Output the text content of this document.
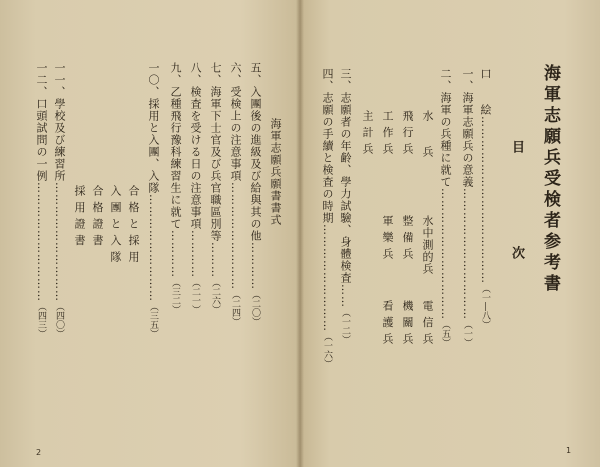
海軍志願兵受検者参考書
目　次
口　　絵……………………………………（一―八）
一、海軍志願兵の意義……………………………（一）
二、海軍の兵種に就て……………………………（五）
水　　兵
水中測的兵
電 信 兵
飛 行 兵
整 備 兵
機 關 兵
工 作 兵
軍 樂 兵
看 護 兵
主 計 兵
三、志願者の年齢、學力試驗、身體検査……（一二）
四、志願の手續と検査の時期………………………（一六）
海軍志願兵願書書式
五、入團後の進級及び給與其の他…………（二〇）
六、受検上の注意事項………………………（二四）
七、海軍下士官及び兵官職區別等………（二六）
八、検査を受ける日の注意事項…………（二一）
九、乙種飛行豫科練習生に就て…………（三二）
一〇、採用と入團、入隊………………………（三五）
合 格 と 採 用
入 團 と 入 隊
合 格 證 書
採 用 證 書
一一、學校及び練習所…………………………（四〇）
一二、口頭試問の一例…………………………（四三）
2	1
